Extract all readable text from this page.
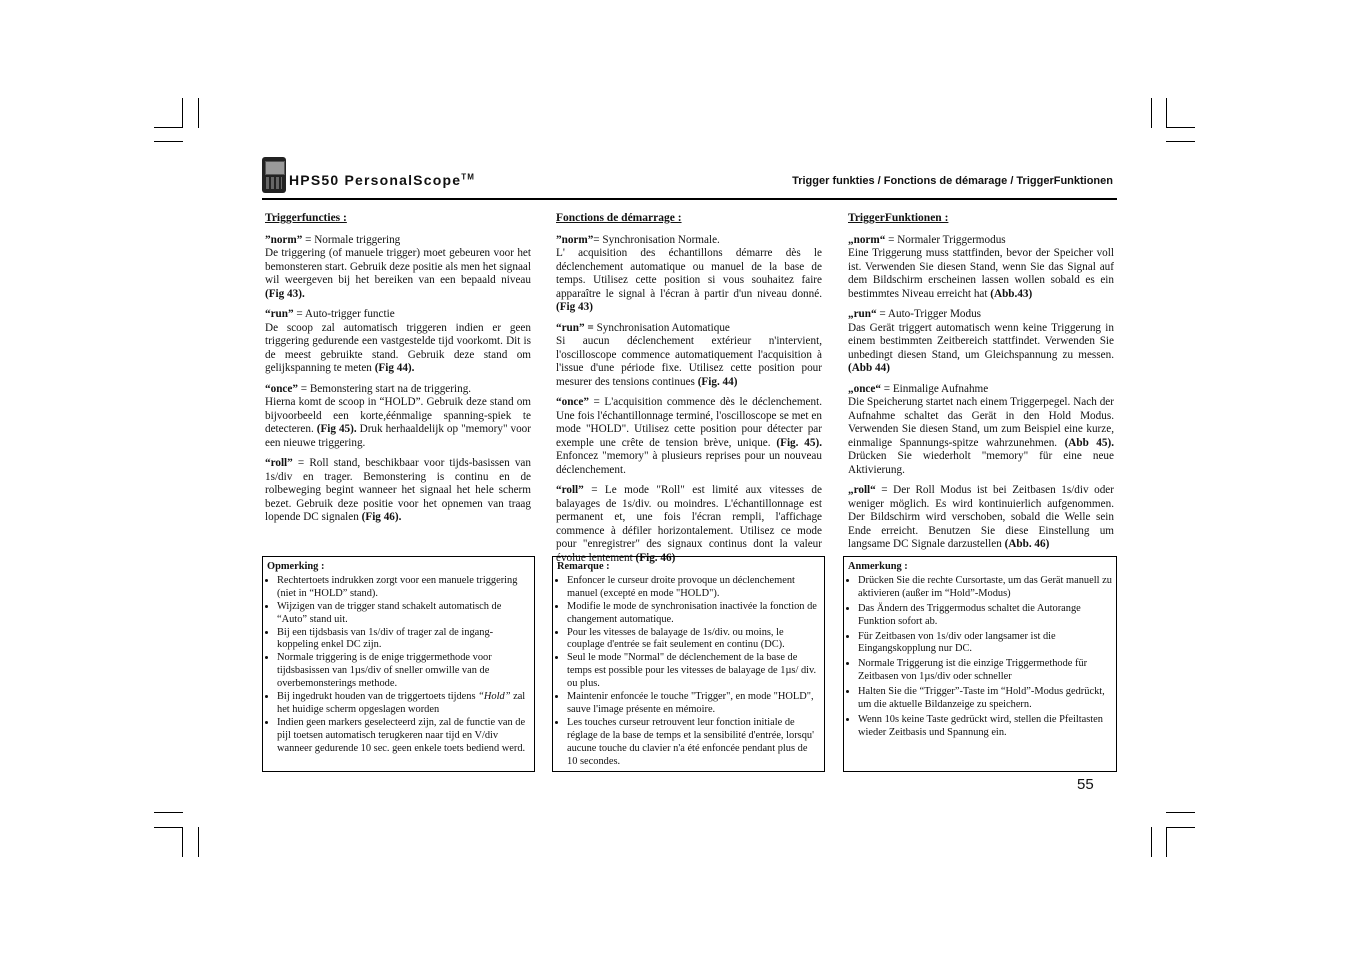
HPS50 PersonalScope™	Trigger funkties / Fonctions de démarage / TriggerFunktionen
Triggerfuncties :

”norm” = Normale triggering
De triggering (of manuele trigger) moet gebeuren voor het bemonsteren start. Gebruik deze positie als men het signaal wil weergeven bij het bereiken van een bepaald niveau (Fig 43).

“run” = Auto-trigger functie
De scoop zal automatisch triggeren indien er geen triggering gedurende een vastgestelde tijd voorkomt. Dit is de meest gebruikte stand. Gebruik deze stand om gelijkspanning te meten (Fig 44).

“once” = Bemonstering start na de triggering.
Hierna komt de scoop in “HOLD”. Gebruik deze stand om bijvoorbeeld een korte,éénmalige spanning-spiek te detecteren. (Fig 45). Druk herhaaldelijk op "memory" voor een nieuwe triggering.

“roll” = Roll stand, beschikbaar voor tijds-basissen van 1s/div en trager. Bemonstering is continu en de rolbeweging begint wanneer het signaal het hele scherm bezet. Gebruik deze positie voor het opnemen van traag lopende DC signalen (Fig 46).

Fonctions de démarrage :

”norm”= Synchronisation Normale.
L' acquisition des échantillons démarre dès le déclenchement automatique ou manuel de la base de temps. Utilisez cette position si vous souhaitez faire apparaître le signal à l'écran à partir d'un niveau donné. (Fig 43)

“run” = Synchronisation Automatique
Si aucun déclenchement extérieur n'intervient, l'oscilloscope commence automatiquement l'acquisition à l'issue d'une période fixe. Utilisez cette position pour mesurer des tensions continues (Fig. 44)

“once” = L'acquisition commence dès le déclenchement. Une fois l'échantillonnage terminé, l'oscilloscope se met en mode "HOLD". Utilisez cette position pour détecter par exemple une crête de tension brève, unique. (Fig. 45). Enfoncez "memory" à plusieurs reprises pour un nouveau déclenchement.

“roll” = Le mode "Roll" est limité aux vitesses de balayages de 1s/div. ou moindres. L'échantillonnage est permanent et, une fois l'écran rempli, l'affichage commence à défiler horizontalement. Utilisez ce mode pour "enregistrer" des signaux continus dont la valeur évolue lentement (Fig. 46)

TriggerFunktionen :

„norm“ = Normaler Triggermodus
Eine Triggerung muss stattfinden, bevor der Speicher voll ist. Verwenden Sie diesen Stand, wenn Sie das Signal auf dem Bildschirm erscheinen lassen wollen sobald es ein bestimmtes Niveau erreicht hat (Abb.43)

„run“ = Auto-Trigger Modus
Das Gerät triggert automatisch wenn keine Triggerung in einem bestimmten Zeitbereich stattfindet. Verwenden Sie unbedingt diesen Stand, um Gleichspannung zu messen. (Abb 44)

„once“ = Einmalige Aufnahme
Die Speicherung startet nach einem Triggerpegel. Nach der Aufnahme schaltet das Gerät in den Hold Modus. Verwenden Sie diesen Stand, um zum Beispiel eine kurze, einmalige Spannungs-spitze wahrzunehmen. (Abb 45). Drücken Sie wiederholt "memory" für eine neue Aktivierung.

„roll“ = Der Roll Modus ist bei Zeitbasen 1s/div oder weniger möglich. Es wird kontinuierlich aufgenommen. Der Bildschirm wird verschoben, sobald die Welle sein Ende erreicht. Benutzen Sie diese Einstellung um langsame DC Signale darzustellen (Abb. 46)

Opmerking :
• Rechtertoets indrukken zorgt voor een manuele triggering (niet in “HOLD” stand).
• Wijzigen van de trigger stand schakelt automatisch de “Auto” stand uit.
• Bij een tijdsbasis van 1s/div of trager zal de ingang-koppeling enkel DC zijn.
• Normale triggering is de enige triggermethode voor tijdsbasissen van 1µs/div of sneller omwille van de overbemonsterings methode.
• Bij ingedrukt houden van de triggertoets tijdens “Hold” zal het huidige scherm opgeslagen worden
• Indien geen markers geselecteerd zijn, zal de functie van de pijl toetsen automatisch terugkeren naar tijd en V/div wanneer gedurende 10 sec. geen enkele toets bediend werd.
Remarque :
• Enfoncer le curseur droite provoque un déclenchement manuel (excepté en mode "HOLD").
• Modifie le mode de synchronisation inactivée la fonction de changement automatique.
• Pour les vitesses de balayage de 1s/div. ou moins, le couplage d'entrée se fait seulement en continu (DC).
• Seul le mode "Normal" de déclenchement de la base de temps est possible pour les vitesses de balayage de 1µs/ div. ou plus.
• Maintenir enfoncée le touche "Trigger", en mode "HOLD", sauve l'image présente en mémoire.
• Les touches curseur retrouvent leur fonction initiale de réglage de la base de temps et la sensibilité d'entrée, lorsqu' aucune touche du clavier n'a été enfoncée pendant plus de 10 secondes.
Anmerkung :
• Drücken Sie die rechte Cursortaste, um das Gerät manuell zu aktivieren (außer im “Hold”-Modus)
• Das Ändern des Triggermodus schaltet die Autorange Funktion sofort ab.
• Für Zeitbasen von 1s/div oder langsamer ist die Eingangskopplung nur DC.
• Normale Triggerung ist die einzige Triggermethode für Zeitbasen von 1µs/div oder schneller
• Halten Sie die “Trigger”-Taste im “Hold”-Modus gedrückt, um die aktuelle Bildanzeige zu speichern.
• Wenn 10s keine Taste gedrückt wird, stellen die Pfeiltasten wieder Zeitbasis und Spannung ein.
55
